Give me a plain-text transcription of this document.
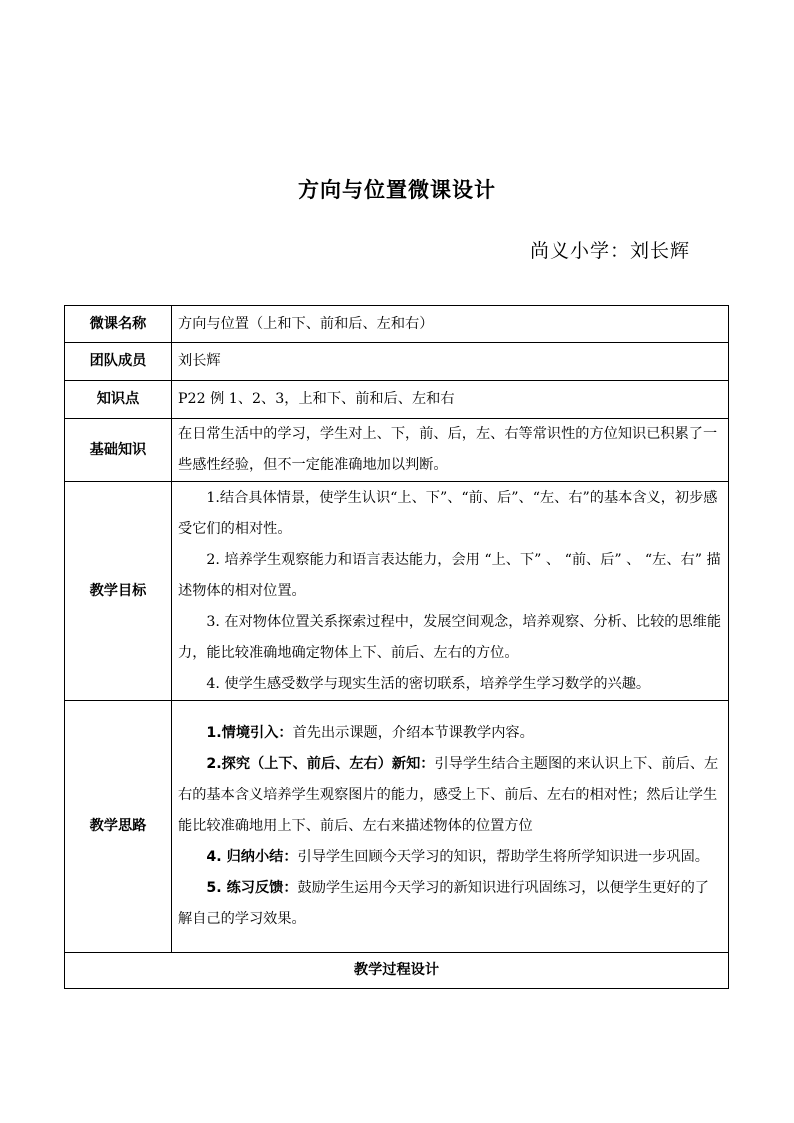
方向与位置微课设计
尚义小学：刘长辉
微课名称	方向与位置（上和下、前和后、左和右）
团队成员	刘长辉
知识点	P22 例 1、2、3，上和下、前和后、左和右
基础知识	在日常生活中的学习，学生对上、下，前、后，左、右等常识性的方位知识已积累了一些感性经验，但不一定能准确地加以判断。
教学目标	1.结合具体情景，使学生认识“上、下”、“前、后”、“左、右”的基本含义，初步感受它们的相对性。

2. 培养学生观察能力和语言表达能力，会用 “上、下” 、 “前、后” 、 “左、右” 描述物体的相对位置。

3. 在对物体位置关系探索过程中，发展空间观念，培养观察、分析、比较的思维能力，能比较准确地确定物体上下、前后、左右的方位。

4. 使学生感受数学与现实生活的密切联系，培养学生学习数学的兴趣。

教学思路	1.情境引入：首先出示课题，介绍本节课教学内容。

2.探究（上下、前后、左右）新知：引导学生结合主题图的来认识上下、前后、左右的基本含义培养学生观察图片的能力，感受上下、前后、左右的相对性；然后让学生能比较准确地用上下、前后、左右来描述物体的位置方位

4. 归纳小结：引导学生回顾今天学习的知识，帮助学生将所学知识进一步巩固。

5. 练习反馈：鼓励学生运用今天学习的新知识进行巩固练习，以便学生更好的了解自己的学习效果。

教学过程设计	
